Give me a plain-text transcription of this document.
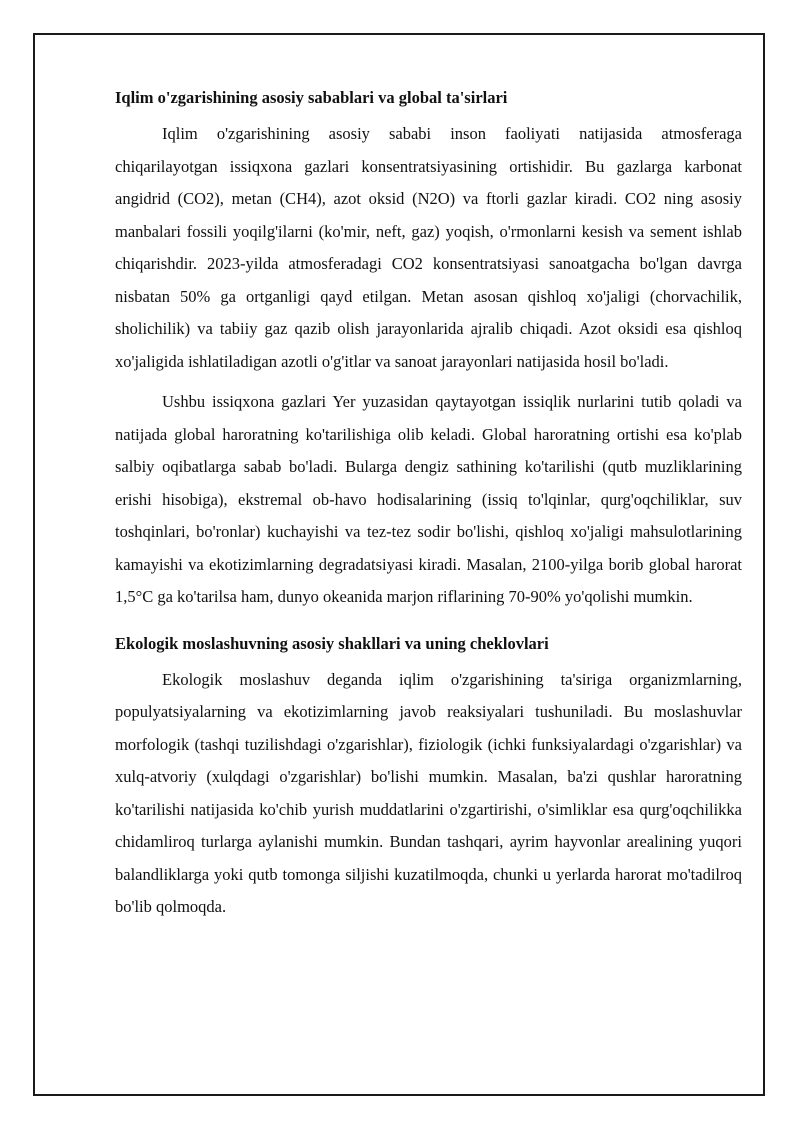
Iqlim o'zgarishining asosiy sabablari va global ta'sirlari

Iqlim o'zgarishining asosiy sababi inson faoliyati natijasida atmosferaga chiqarilayotgan issiqxona gazlari konsentratsiyasining ortishidir. Bu gazlarga karbonat angidrid (CO2), metan (CH4), azot oksid (N2O) va ftorli gazlar kiradi. CO2 ning asosiy manbalari fossili yoqilg'ilarni (ko'mir, neft, gaz) yoqish, o'rmonlarni kesish va sement ishlab chiqarishdir. 2023-yilda atmosferadagi CO2 konsentratsiyasi sanoatgacha bo'lgan davrga nisbatan 50% ga ortganligi qayd etilgan. Metan asosan qishloq xo'jaligi (chorvachilik, sholichilik) va tabiiy gaz qazib olish jarayonlarida ajralib chiqadi. Azot oksidi esa qishloq xo'jaligida ishlatiladigan azotli o'g'itlar va sanoat jarayonlari natijasida hosil bo'ladi.

Ushbu issiqxona gazlari Yer yuzasidan qaytayotgan issiqlik nurlarini tutib qoladi va natijada global haroratning ko'tarilishiga olib keladi. Global haroratning ortishi esa ko'plab salbiy oqibatlarga sabab bo'ladi. Bularga dengiz sathining ko'tarilishi (qutb muzliklarining erishi hisobiga), ekstremal ob-havo hodisalarining (issiq to'lqinlar, qurg'oqchiliklar, suv toshqinlari, bo'ronlar) kuchayishi va tez-tez sodir bo'lishi, qishloq xo'jaligi mahsulotlarining kamayishi va ekotizimlarning degradatsiyasi kiradi. Masalan, 2100-yilga borib global harorat 1,5°C ga ko'tarilsa ham, dunyo okeanida marjon riflarining 70-90% yo'qolishi mumkin.

Ekologik moslashuvning asosiy shakllari va uning cheklovlari

Ekologik moslashuv deganda iqlim o'zgarishining ta'siriga organizmlarning, populyatsiyalarning va ekotizimlarning javob reaksiyalari tushuniladi. Bu moslashuvlar morfologik (tashqi tuzilishdagi o'zgarishlar), fiziologik (ichki funksiyalardagi o'zgarishlar) va xulq-atvoriy (xulqdagi o'zgarishlar) bo'lishi mumkin. Masalan, ba'zi qushlar haroratning ko'tarilishi natijasida ko'chib yurish muddatlarini o'zgartirishi, o'simliklar esa qurg'oqchilikka chidamliroq turlarga aylanishi mumkin. Bundan tashqari, ayrim hayvonlar arealining yuqori balandliklarga yoki qutb tomonga siljishi kuzatilmoqda, chunki u yerlarda harorat mo'tadilroq bo'lib qolmoqda.
